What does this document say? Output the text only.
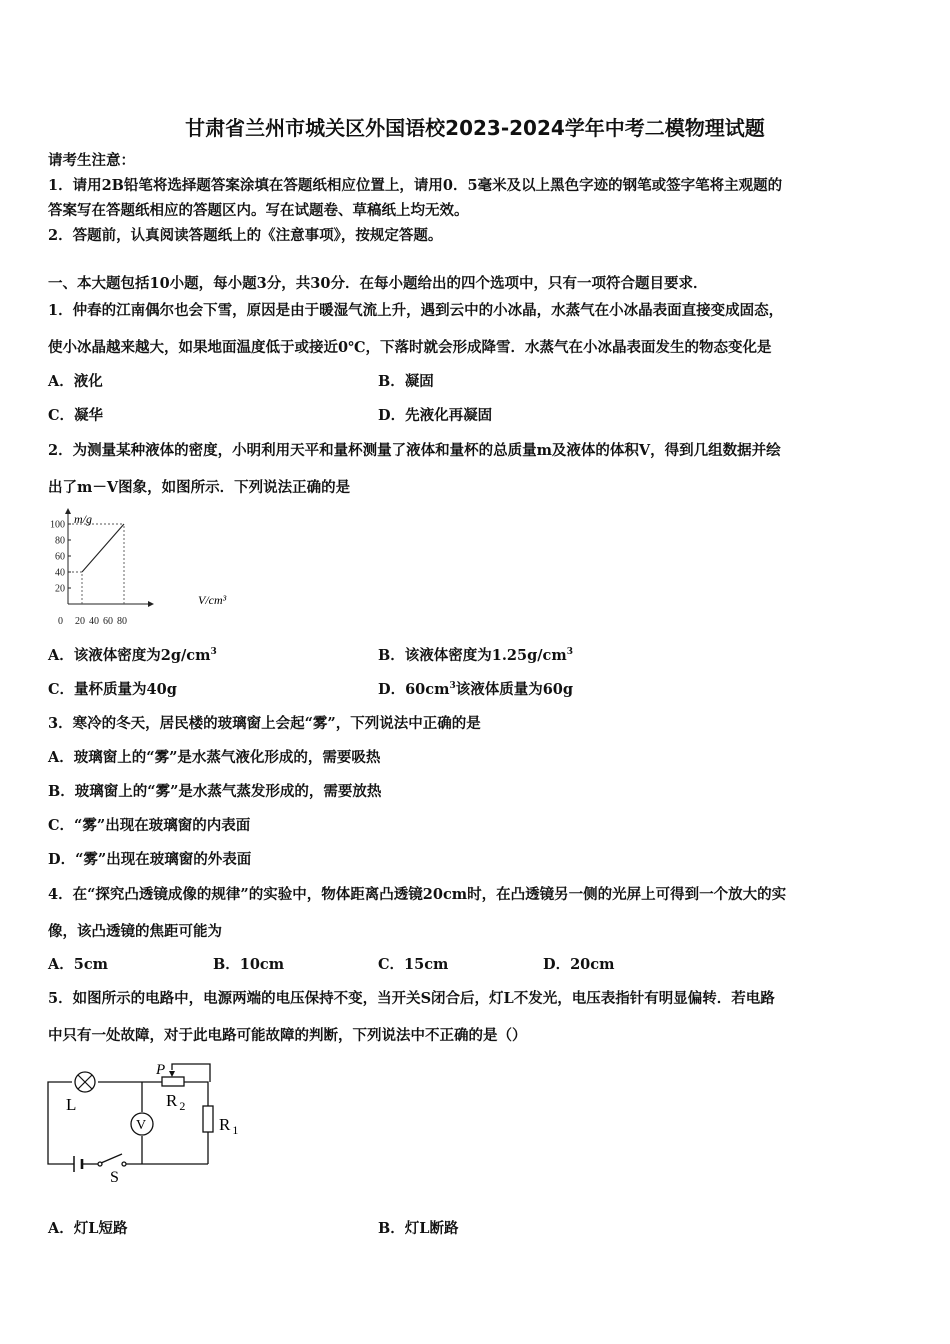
甘肃省兰州市城关区外国语校2023-2024学年中考二模物理试题
请考生注意：
1．请用2B铅笔将选择题答案涂填在答题纸相应位置上，请用0．5毫米及以上黑色字迹的钢笔或签字笔将主观题的
答案写在答题纸相应的答题区内。写在试题卷、草稿纸上均无效。
2．答题前，认真阅读答题纸上的《注意事项》，按规定答题。
一、本大题包括10小题，每小题3分，共30分．在每小题给出的四个选项中，只有一项符合题目要求．
1．仲春的江南偶尔也会下雪，原因是由于暖湿气流上升，遇到云中的小冰晶，水蒸气在小冰晶表面直接变成固态，
使小冰晶越来越大，如果地面温度低于或接近0℃，下落时就会形成降雪．水蒸气在小冰晶表面发生的物态变化是
A．液化	B．凝固
C．凝华	D．先液化再凝固
2．为测量某种液体的密度，小明利用天平和量杯测量了液体和量杯的总质量m及液体的体积V，得到几组数据并绘
出了m－V图象，如图所示．下列说法正确的是
0 20 40 60 80
20
40
60
80
100 m/g
V/cm³
A．该液体密度为$2g/cm^3$	B．该液体密度为$1.25g/cm^3$
C．量杯质量为40g	D．$60cm^3$该液体质量为60g
3．寒冷的冬天，居民楼的玻璃窗上会起“雾”，下列说法中正确的是
A．玻璃窗上的“雾”是水蒸气液化形成的，需要吸热
B．玻璃窗上的“雾”是水蒸气蒸发形成的，需要放热
C．“雾”出现在玻璃窗的内表面
D．“雾”出现在玻璃窗的外表面
4．在“探究凸透镜成像的规律”的实验中，物体距离凸透镜20cm时，在凸透镜另一侧的光屏上可得到一个放大的实
像，该凸透镜的焦距可能为
A．5cm	B．10cm	C．15cm	D．20cm
5．如图所示的电路中，电源两端的电压保持不变，当开关S闭合后，灯L不发光，电压表指针有明显偏转．若电路
中只有一处故障，对于此电路可能故障的判断，下列说法中不正确的是（）
L
V
P
R $_2$
R $_1$
S
A．灯L短路	B．灯L断路
